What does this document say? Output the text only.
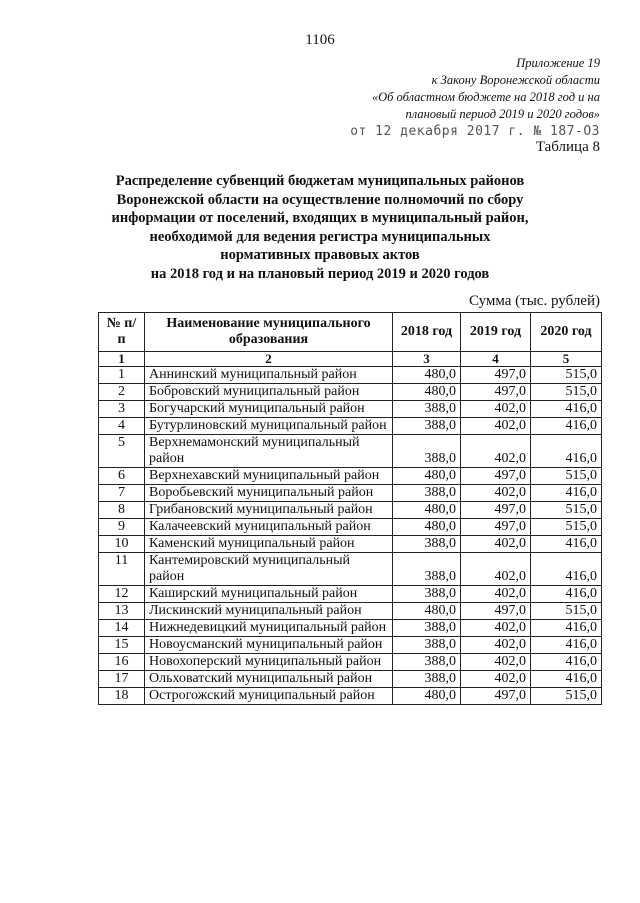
1106
Приложение 19
к Закону Воронежской области
«Об областном бюджете на 2018 год и на
плановый период 2019 и 2020 годов»
от 12 декабря 2017 г. № 187-ОЗ
Таблица 8
Распределение субвенций бюджетам муниципальных районов
Воронежской области на осуществление полномочий по сбору
информации от поселений, входящих в муниципальный район,
необходимой для ведения регистра муниципальных
нормативных правовых актов
на 2018 год и на плановый период 2019 и 2020 годов
Сумма (тыс. рублей)
№ п/п	Наименование муниципального образования	2018 год	2019 год	2020 год
1	2	3	4	5
1	Аннинский муниципальный район	480,0	497,0	515,0
2	Бобровский муниципальный район	480,0	497,0	515,0
3	Богучарский муниципальный район	388,0	402,0	416,0
4	Бутурлиновский муниципальный район	388,0	402,0	416,0
5	Верхнемамонский муниципальный район	388,0	402,0	416,0
6	Верхнехавский муниципальный район	480,0	497,0	515,0
7	Воробьевский муниципальный район	388,0	402,0	416,0
8	Грибановский муниципальный район	480,0	497,0	515,0
9	Калачеевский муниципальный район	480,0	497,0	515,0
10	Каменский муниципальный район	388,0	402,0	416,0
11	Кантемировский муниципальный район	388,0	402,0	416,0
12	Каширский муниципальный район	388,0	402,0	416,0
13	Лискинский муниципальный район	480,0	497,0	515,0
14	Нижнедевицкий муниципальный район	388,0	402,0	416,0
15	Новоусманский муниципальный район	388,0	402,0	416,0
16	Новохоперский муниципальный район	388,0	402,0	416,0
17	Ольховатский муниципальный район	388,0	402,0	416,0
18	Острогожский муниципальный район	480,0	497,0	515,0
